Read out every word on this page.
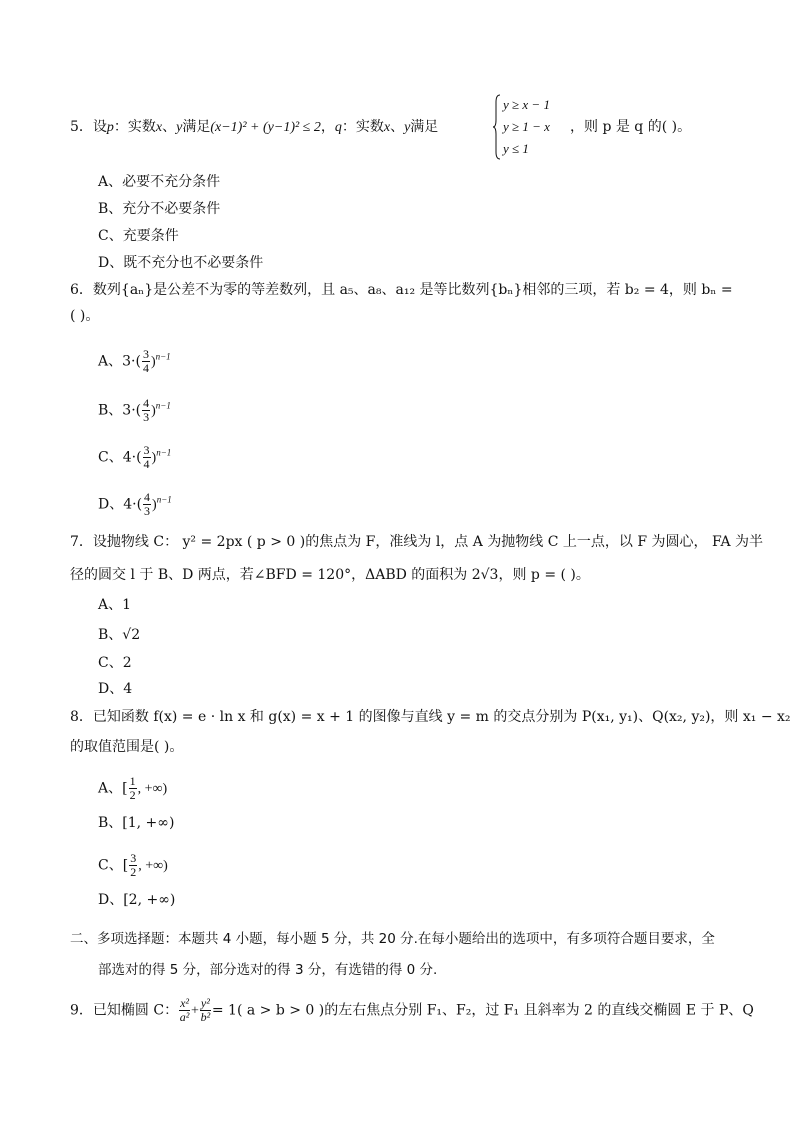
5．设p：实数x、y满足(x−1)² + (y−1)² ≤ 2，q：实数x、y满足
y ≥ x − 1
y ≥ 1 − x
y ≤ 1
，则 p 是 q 的( )。
A、必要不充分条件
B、充分不必要条件
C、充要条件
D、既不充分也不必要条件
6．数列{aₙ}是公差不为零的等差数列，且 a₅、a₈、a₁₂ 是等比数列{bₙ}相邻的三项，若 b₂ = 4，则 bₙ =
( )。
A、$3\cdot( \frac{3}{4} )^{n-1}$
B、$3\cdot( \frac{4}{3} )^{n-1}$
C、$4\cdot( \frac{3}{4} )^{n-1}$
D、$4\cdot( \frac{4}{3} )^{n-1}$
7．设抛物线 C： y² = 2px ( p > 0 )的焦点为 F，准线为 l，点 A 为抛物线 C 上一点，以 F 为圆心， FA 为半
径的圆交 l 于 B、D 两点，若∠BFD = 120°，ΔABD 的面积为 2√3，则 p = ( )。
A、1
B、√2
C、2
D、4
8．已知函数 f(x) = e · ln x 和 g(x) = x + 1 的图像与直线 y = m 的交点分别为 P(x₁, y₁)、Q(x₂, y₂)，则 x₁ − x₂
的取值范围是( )。
A、[ $\frac{1}{2}$ , +∞)
B、[1, +∞)
C、[ $\frac{3}{2}$ , +∞)
D、[2, +∞)
二、多项选择题：本题共 4 小题，每小题 5 分，共 20 分.在每小题给出的选项中，有多项符合题目要求，全
部选对的得 5 分，部分选对的得 3 分，有选错的得 0 分.
9．已知椭圆 C： $\frac{\text{x²}}{\text{a²}} + \frac{\text{y²}}{\text{b²}} = 1$( a > b > 0 )的左右焦点分别 F₁、F₂，过 F₁ 且斜率为 2 的直线交椭圆 E 于 P、Q
